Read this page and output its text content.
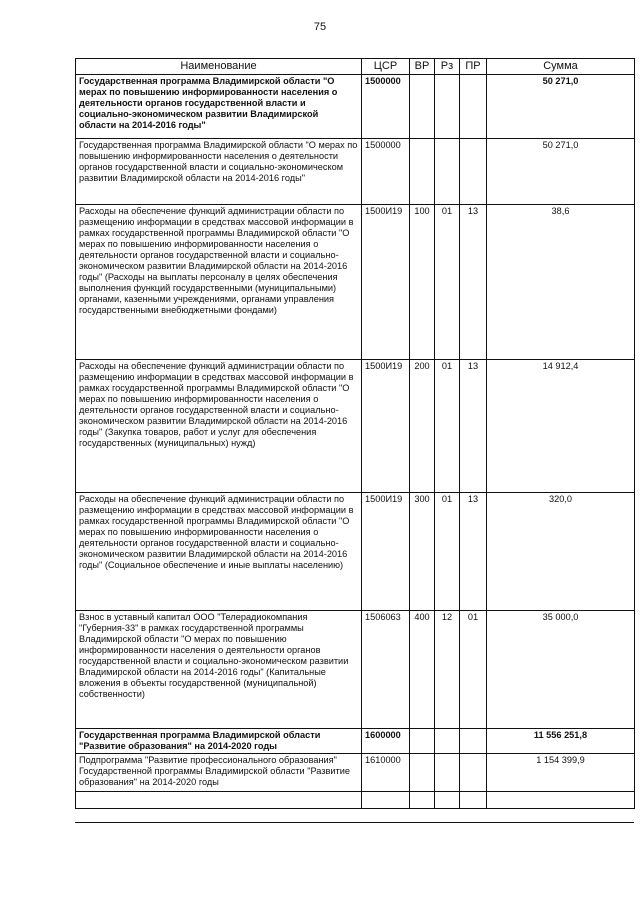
75
Наименование	ЦСР	ВР	Рз	ПР	Сумма
Государственная программа Владимирской области "О мерах по повышению информированности населения о деятельности органов государственной власти и социально-экономическом развитии Владимирской области на 2014-2016 годы"	1500000				50 271,0
Государственная программа Владимирской области "О мерах по повышению информированности населения о деятельности органов государственной власти и социально-экономическом развитии Владимирской области на 2014-2016 годы"	1500000				50 271,0
Расходы на обеспечение функций администрации области по размещению информации в средствах массовой информации в рамках государственной программы Владимирской области "О мерах по повышению информированности населения о деятельности органов государственной власти и социально-экономическом развитии Владимирской области на 2014-2016 годы" (Расходы на выплаты персоналу в целях обеспечения выполнения функций государственными (муниципальными) органами, казенными учреждениями, органами управления государственными внебюджетными фондами)	1500И19	100	01	13	38,6
Расходы на обеспечение функций администрации области по размещению информации в средствах массовой информации в рамках государственной программы Владимирской области "О мерах по повышению информированности населения о деятельности органов государственной власти и социально-экономическом развитии Владимирской области на 2014-2016 годы" (Закупка товаров, работ и услуг для обеспечения государственных (муниципальных) нужд)	1500И19	200	01	13	14 912,4
Расходы на обеспечение функций администрации области по размещению информации в средствах массовой информации в рамках государственной программы Владимирской области "О мерах по повышению информированности населения о деятельности органов государственной власти и социально-экономическом развитии Владимирской области на 2014-2016 годы" (Социальное обеспечение и иные выплаты населению)	1500И19	300	01	13	320,0
Взнос в уставный капитал ООО "Телерадиокомпания "Губерния-33" в рамках государственной программы Владимирской области "О мерах по повышению информированности населения о деятельности органов государственной власти и социально-экономическом развитии Владимирской области на 2014-2016 годы" (Капитальные вложения в объекты государственной (муниципальной) собственности)	1506063	400	12	01	35 000,0
Государственная программа Владимирской области "Развитие образования" на 2014-2020 годы	1600000				11 556 251,8
Подпрограмма "Развитие профессионального образования" Государственной программы Владимирской области "Развитие образования" на 2014-2020 годы	1610000				1 154 399,9
